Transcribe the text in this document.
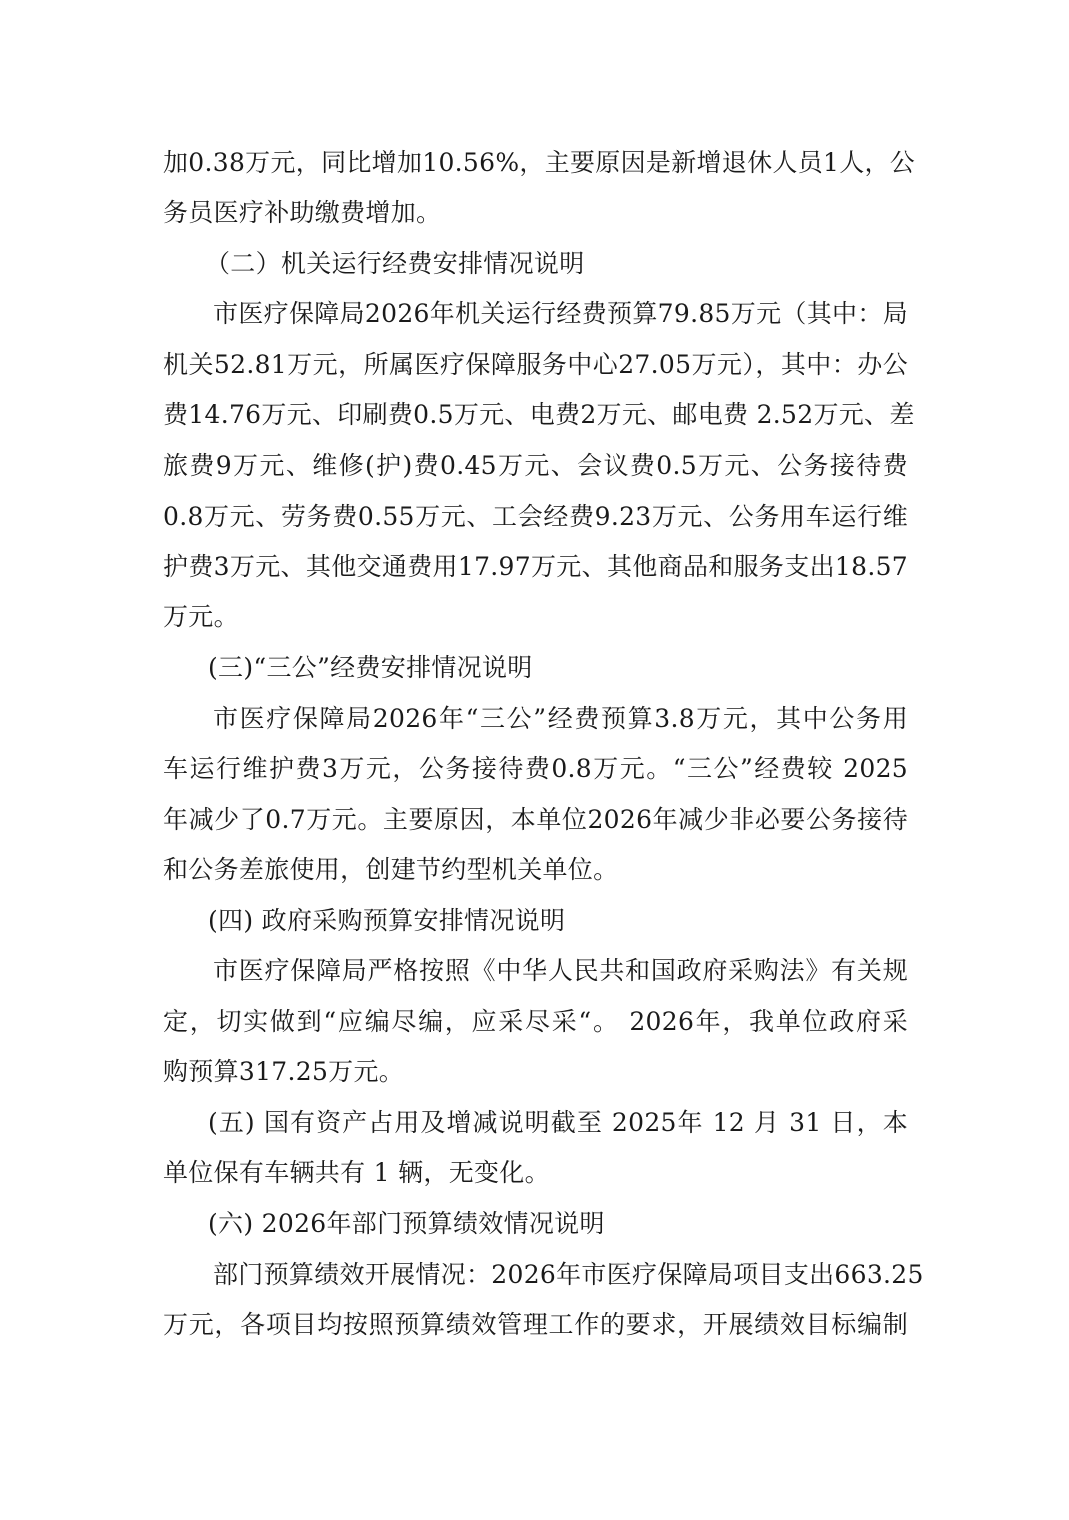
加0.38万元，同比增加10.56%，主要原因是新增退休人员1人，公
务员医疗补助缴费增加。
（二）机关运行经费安排情况说明
市医疗保障局2026年机关运行经费预算79.85万元（其中：局
机关52.81万元，所属医疗保障服务中心27.05万元），其中：办公
费14.76万元、印刷费0.5万元、电费2万元、邮电费 2.52万元、差
旅费9万元、维修(护)费0.45万元、会议费0.5万元、公务接待费
0.8万元、劳务费0.55万元、工会经费9.23万元、公务用车运行维
护费3万元、其他交通费用17.97万元、其他商品和服务支出18.57
万元。
(三)“三公”经费安排情况说明
市医疗保障局2026年“三公”经费预算3.8万元，其中公务用
车运行维护费3万元，公务接待费0.8万元。“三公”经费较 2025
年减少了0.7万元。主要原因，本单位2026年减少非必要公务接待
和公务差旅使用，创建节约型机关单位。
(四) 政府采购预算安排情况说明
市医疗保障局严格按照《中华人民共和国政府采购法》有关规
定，切实做到“应编尽编，应采尽采“。 2026年，我单位政府采
购预算317.25万元。
(五) 国有资产占用及增减说明截至 2025年 12 月 31 日，本
单位保有车辆共有 1 辆，无变化。
(六) 2026年部门预算绩效情况说明
部门预算绩效开展情况：2026年市医疗保障局项目支出663.25
万元，各项目均按照预算绩效管理工作的要求，开展绩效目标编制
